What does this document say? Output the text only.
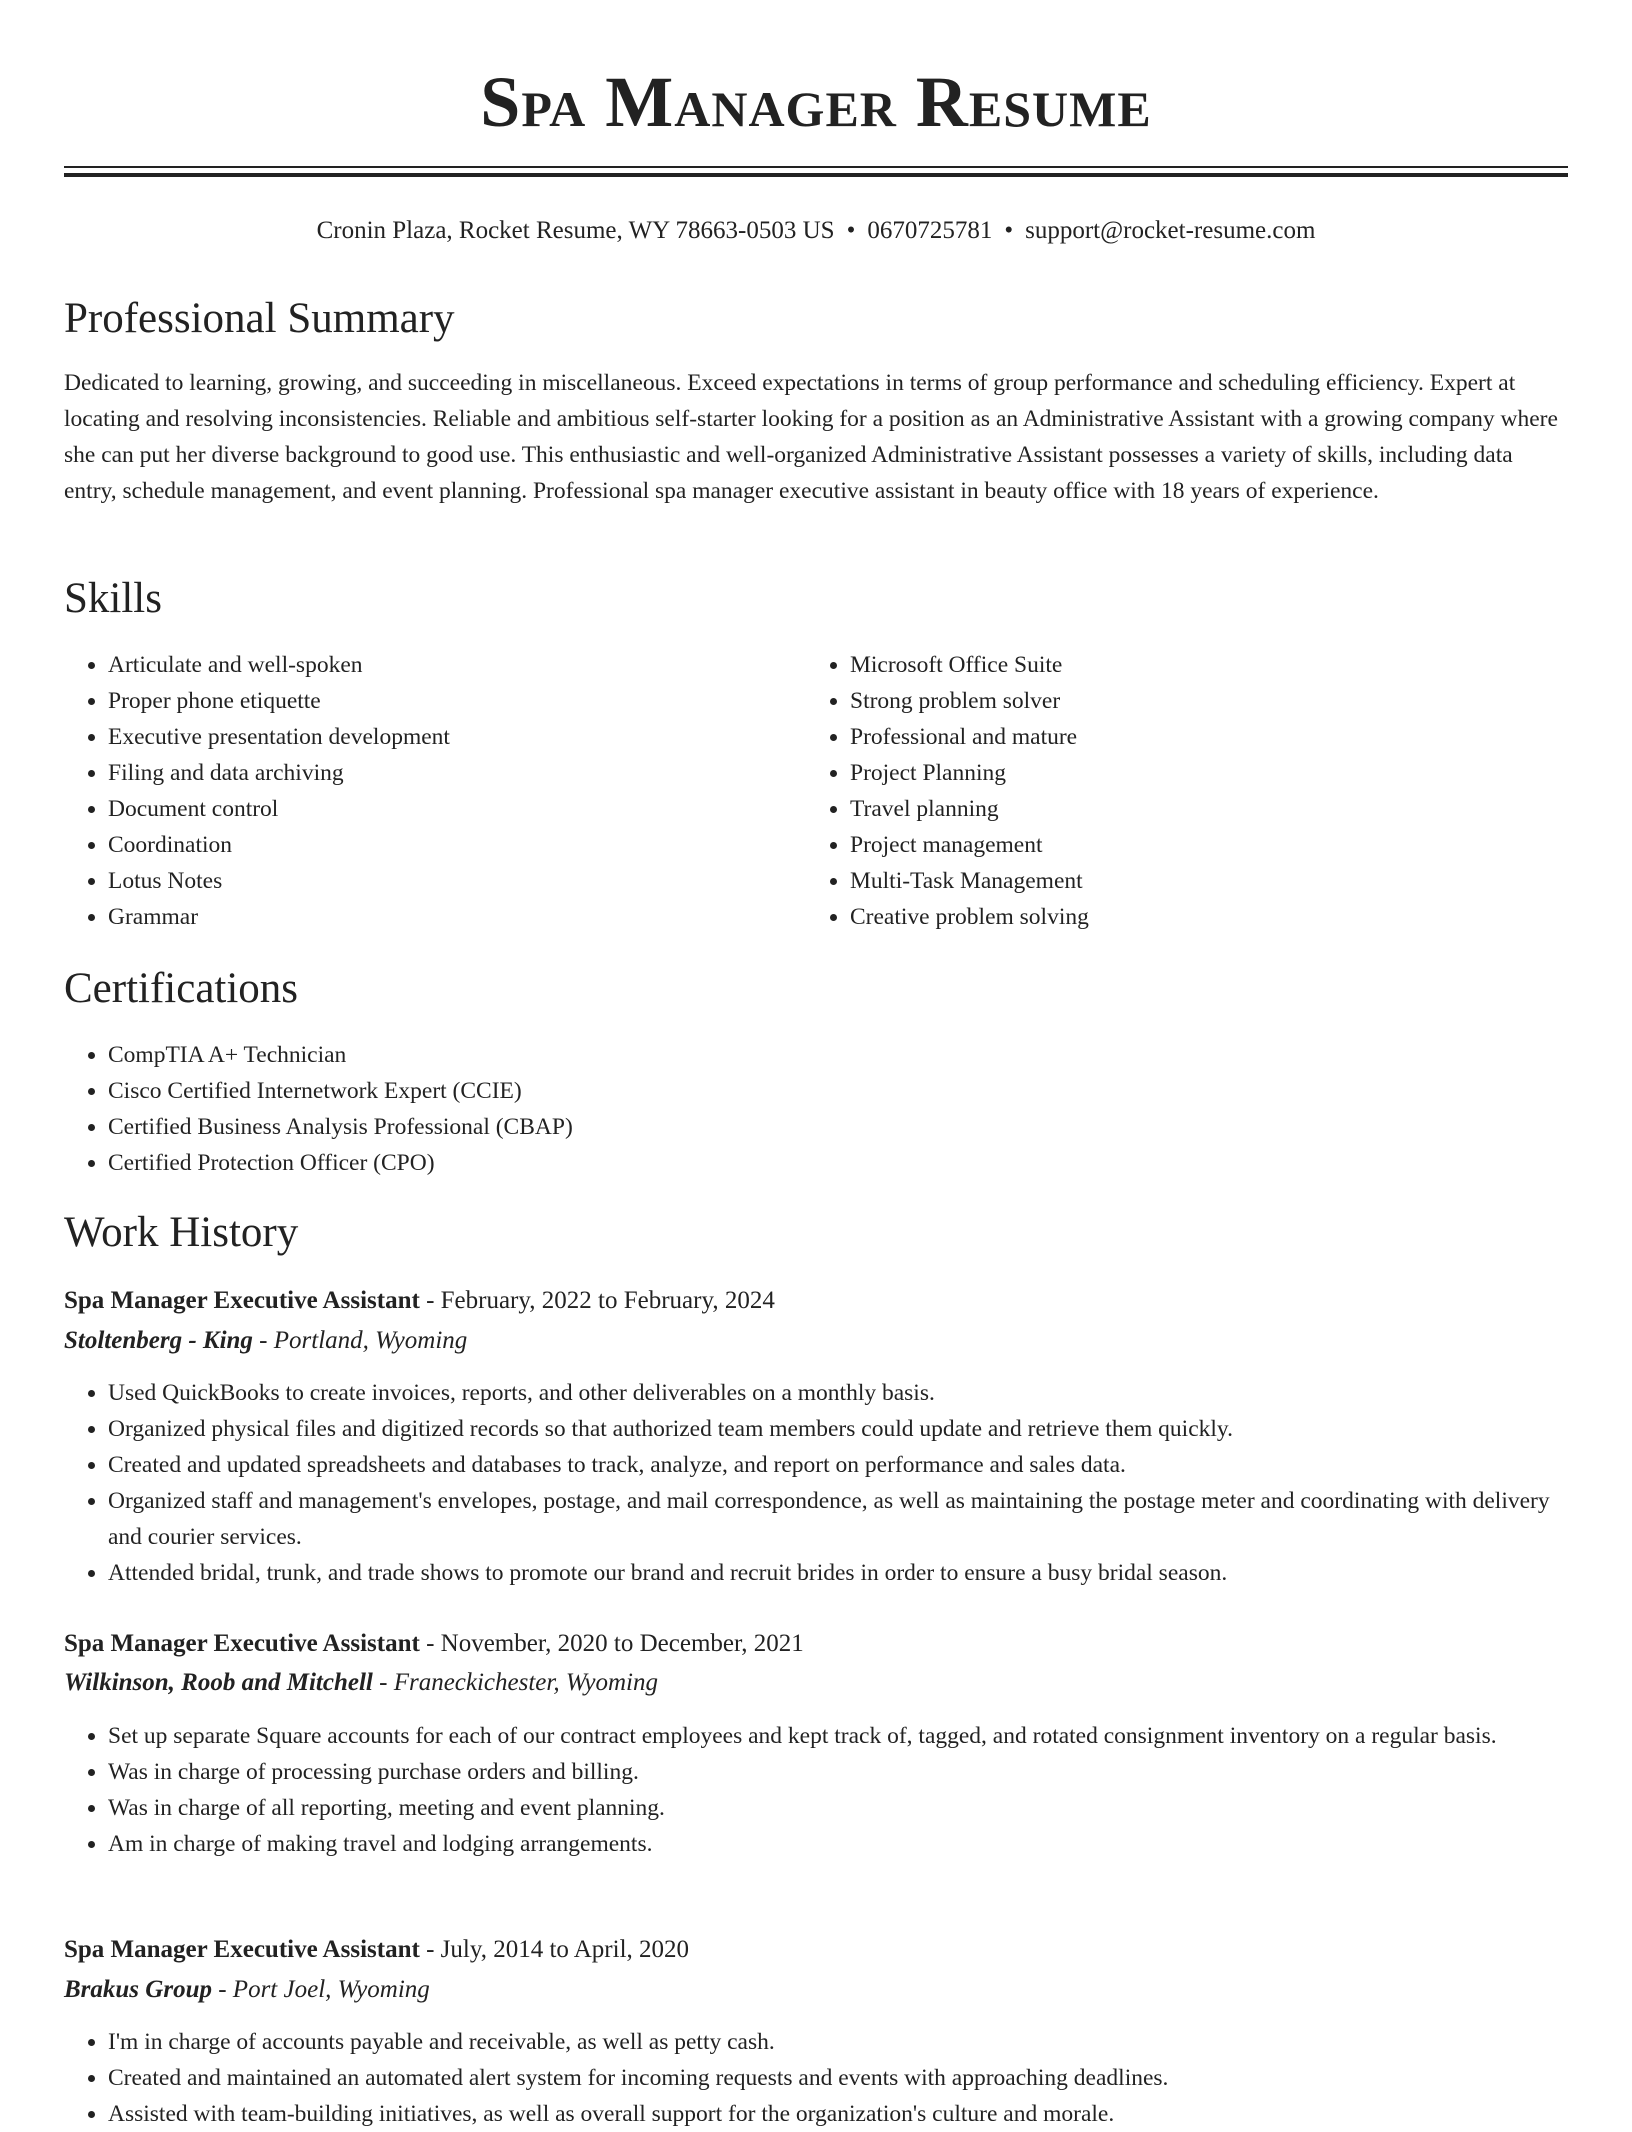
Spa Manager Resume
Cronin Plaza, Rocket Resume, WY 78663-0503 US • 0670725781 • support@rocket-resume.com
Professional Summary

Dedicated to learning, growing, and succeeding in miscellaneous. Exceed expectations in terms of group performance and scheduling efficiency. Expert at locating and resolving inconsistencies. Reliable and ambitious self-starter looking for a position as an Administrative Assistant with a growing company where she can put her diverse background to good use. This enthusiastic and well-organized Administrative Assistant possesses a variety of skills, including data entry, schedule management, and event planning. Professional spa manager executive assistant in beauty office with 18 years of experience.

Skills
• Articulate and well-spoken
• Proper phone etiquette
• Executive presentation development
• Filing and data archiving
• Document control
• Coordination
• Lotus Notes
• Grammar
• Microsoft Office Suite
• Strong problem solver
• Professional and mature
• Project Planning
• Travel planning
• Project management
• Multi-Task Management
• Creative problem solving
Certifications
• CompTIA A+ Technician
• Cisco Certified Internetwork Expert (CCIE)
• Certified Business Analysis Professional (CBAP)
• Certified Protection Officer (CPO)
Work History
Spa Manager Executive Assistant - February, 2022 to February, 2024
Stoltenberg - King - Portland, Wyoming
• Used QuickBooks to create invoices, reports, and other deliverables on a monthly basis.
• Organized physical files and digitized records so that authorized team members could update and retrieve them quickly.
• Created and updated spreadsheets and databases to track, analyze, and report on performance and sales data.
• Organized staff and management's envelopes, postage, and mail correspondence, as well as maintaining the postage meter and coordinating with delivery and courier services.
• Attended bridal, trunk, and trade shows to promote our brand and recruit brides in order to ensure a busy bridal season.
Spa Manager Executive Assistant - November, 2020 to December, 2021
Wilkinson, Roob and Mitchell - Franeckichester, Wyoming
• Set up separate Square accounts for each of our contract employees and kept track of, tagged, and rotated consignment inventory on a regular basis.
• Was in charge of processing purchase orders and billing.
• Was in charge of all reporting, meeting and event planning.
• Am in charge of making travel and lodging arrangements.
Spa Manager Executive Assistant - July, 2014 to April, 2020
Brakus Group - Port Joel, Wyoming
• I'm in charge of accounts payable and receivable, as well as petty cash.
• Created and maintained an automated alert system for incoming requests and events with approaching deadlines.
• Assisted with team-building initiatives, as well as overall support for the organization's culture and morale.
